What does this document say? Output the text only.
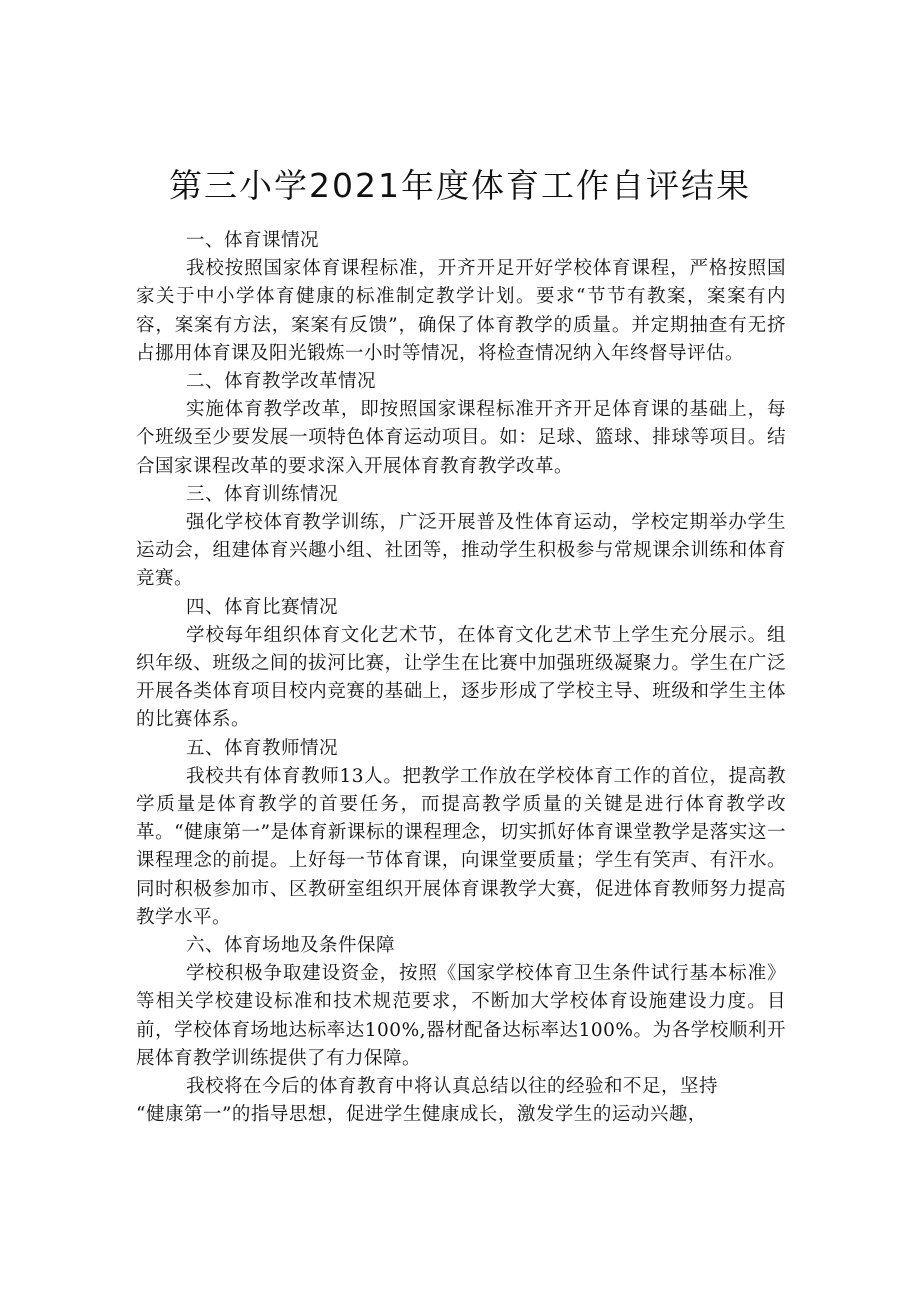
第三小学2021年度体育工作自评结果

一、体育课情况

我校按照国家体育课程标准，开齐开足开好学校体育课程，严格按照国家关于中小学体育健康的标准制定教学计划。要求“节节有教案，案案有内容，案案有方法，案案有反馈”，确保了体育教学的质量。并定期抽查有无挤占挪用体育课及阳光锻炼一小时等情况，将检查情况纳入年终督导评估。

二、体育教学改革情况

实施体育教学改革，即按照国家课程标准开齐开足体育课的基础上，每个班级至少要发展一项特色体育运动项目。如：足球、篮球、排球等项目。结合国家课程改革的要求深入开展体育教育教学改革。

三、体育训练情况

强化学校体育教学训练，广泛开展普及性体育运动，学校定期举办学生运动会，组建体育兴趣小组、社团等，推动学生积极参与常规课余训练和体育竞赛。

四、体育比赛情况

学校每年组织体育文化艺术节，在体育文化艺术节上学生充分展示。组织年级、班级之间的拔河比赛，让学生在比赛中加强班级凝聚力。学生在广泛开展各类体育项目校内竞赛的基础上，逐步形成了学校主导、班级和学生主体的比赛体系。

五、体育教师情况

我校共有体育教师13人。把教学工作放在学校体育工作的首位，提高教学质量是体育教学的首要任务，而提高教学质量的关键是进行体育教学改革。“健康第一”是体育新课标的课程理念，切实抓好体育课堂教学是落实这一课程理念的前提。上好每一节体育课，向课堂要质量；学生有笑声、有汗水。同时积极参加市、区教研室组织开展体育课教学大赛，促进体育教师努力提高教学水平。

六、体育场地及条件保障

学校积极争取建设资金，按照《国家学校体育卫生条件试行基本标准》等相关学校建设标准和技术规范要求，不断加大学校体育设施建设力度。目前，学校体育场地达标率达100%,器材配备达标率达100%。为各学校顺利开展体育教学训练提供了有力保障。

我校将在今后的体育教育中将认真总结以往的经验和不足，坚持
“健康第一”的指导思想，促进学生健康成长，激发学生的运动兴趣，
